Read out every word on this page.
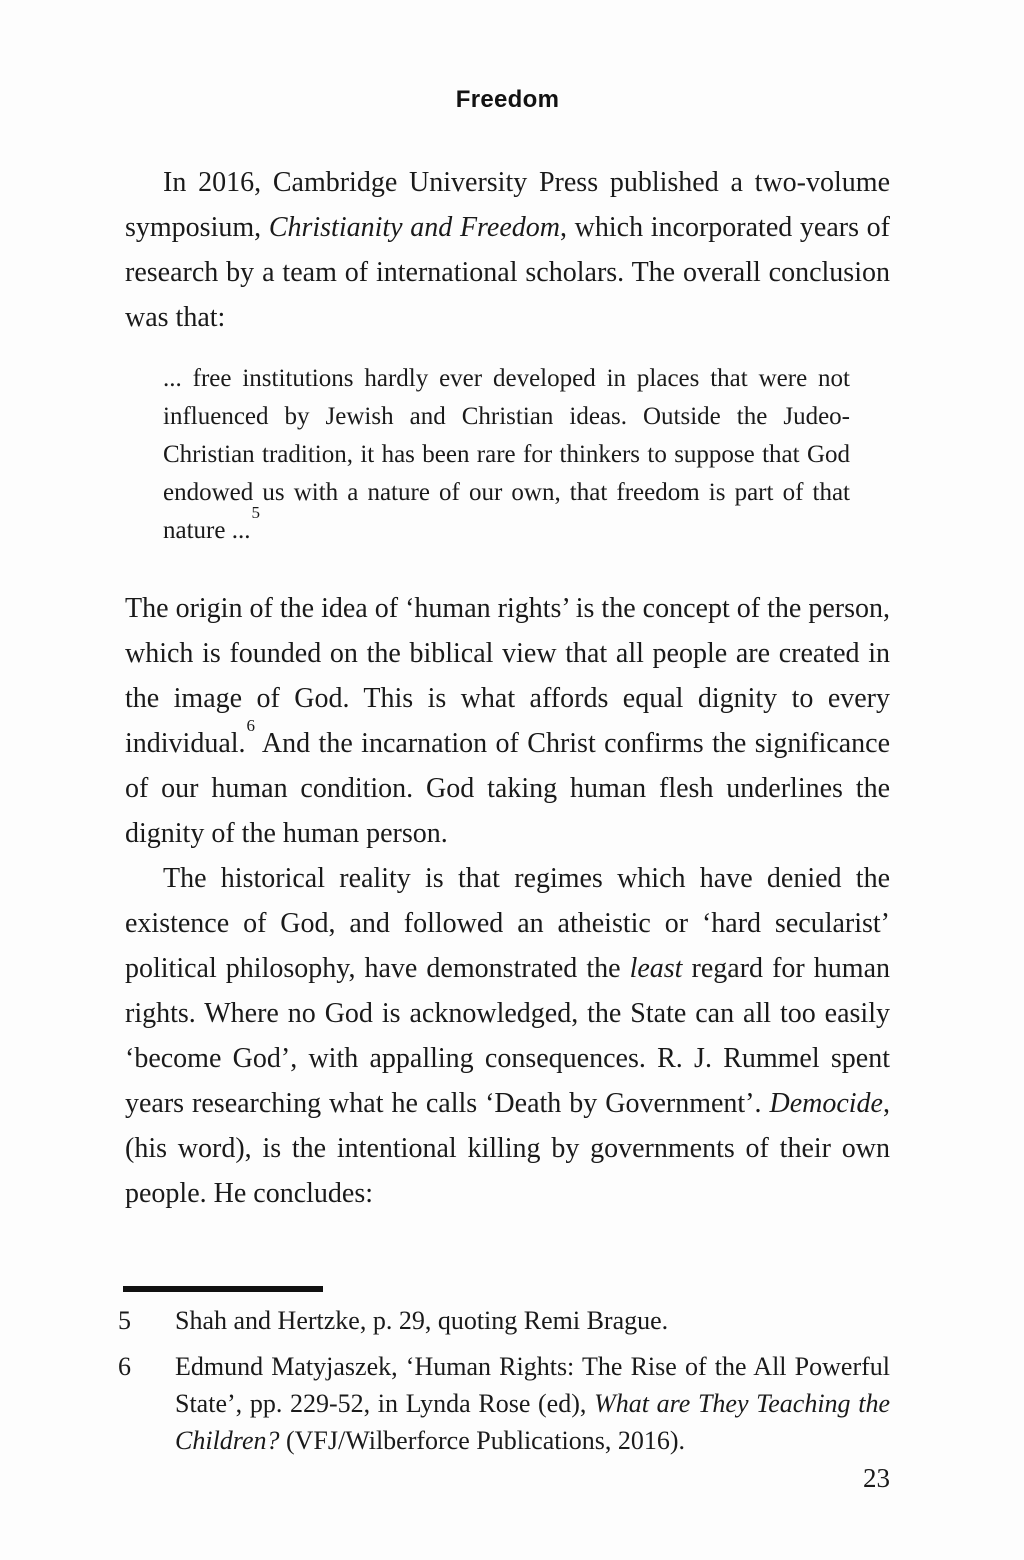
Freedom

In 2016, Cambridge University Press published a two-volume symposium, Christianity and Freedom, which incorporated years of research by a team of international scholars. The overall conclusion was that:

... free institutions hardly ever developed in places that were not influenced by Jewish and Christian ideas. Outside the Judeo-Christian tradition, it has been rare for thinkers to suppose that God endowed us with a nature of our own, that freedom is part of that nature ...$^5$

The origin of the idea of ‘human rights’ is the concept of the person, which is founded on the biblical view that all people are created in the image of God. This is what affords equal dignity to every individual.$^6$ And the incarnation of Christ confirms the significance of our human condition. God taking human flesh underlines the dignity of the human person.

The historical reality is that regimes which have denied the existence of God, and followed an atheistic or ‘hard secularist’ political philosophy, have demonstrated the least regard for human rights. Where no God is acknowledged, the State can all too easily ‘become God’, with appalling consequences. R. J. Rummel spent years researching what he calls ‘Death by Government’. Democide, (his word), is the intentional killing by governments of their own people. He concludes:

5	Shah and Hertzke, p. 29, quoting Remi Brague.
6	Edmund Matyjaszek, ‘Human Rights: The Rise of the All Powerful State’, pp. 229-52, in Lynda Rose (ed), What are They Teaching the Children? (VFJ/Wilberforce Publications, 2016).
23
